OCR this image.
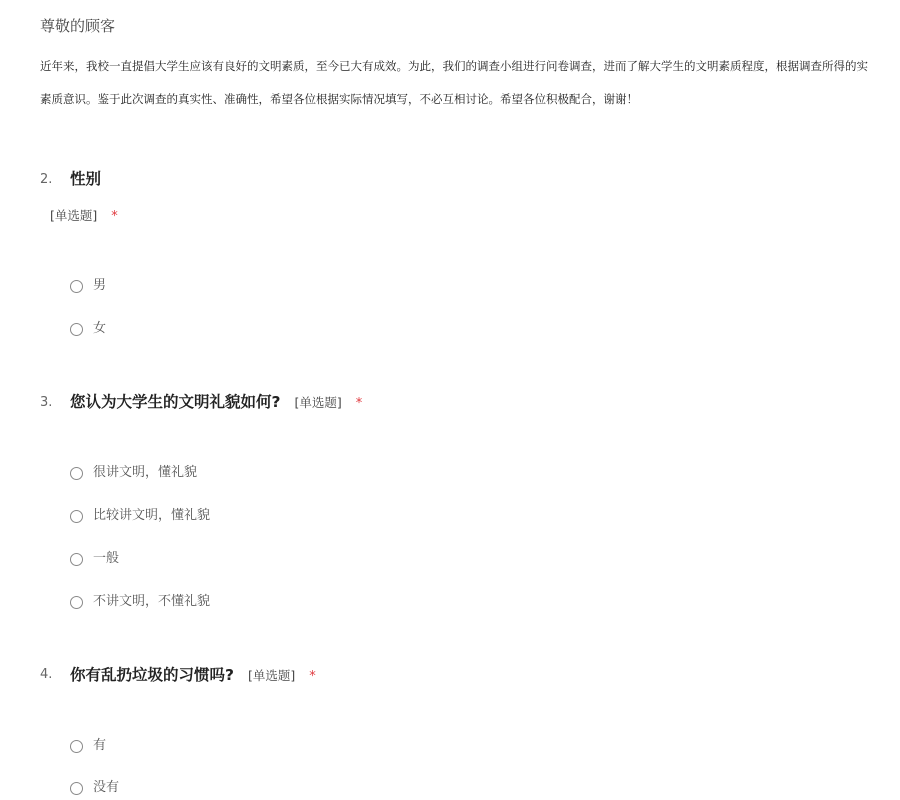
尊敬的顾客
近年来，我校一直提倡大学生应该有良好的文明素质，至今已大有成效。为此，我们的调查小组进行问卷调查，进而了解大学生的文明素质程度，根据调查所得的实
素质意识。鉴于此次调查的真实性、准确性，希望各位根据实际情况填写，不必互相讨论。希望各位积极配合，谢谢！
2. 性别
[单选题] *
男
女
3. 您认为大学生的文明礼貌如何? [单选题] *
很讲文明，懂礼貌
比较讲文明，懂礼貌
一般
不讲文明，不懂礼貌
4. 你有乱扔垃圾的习惯吗? [单选题] *
有
没有
